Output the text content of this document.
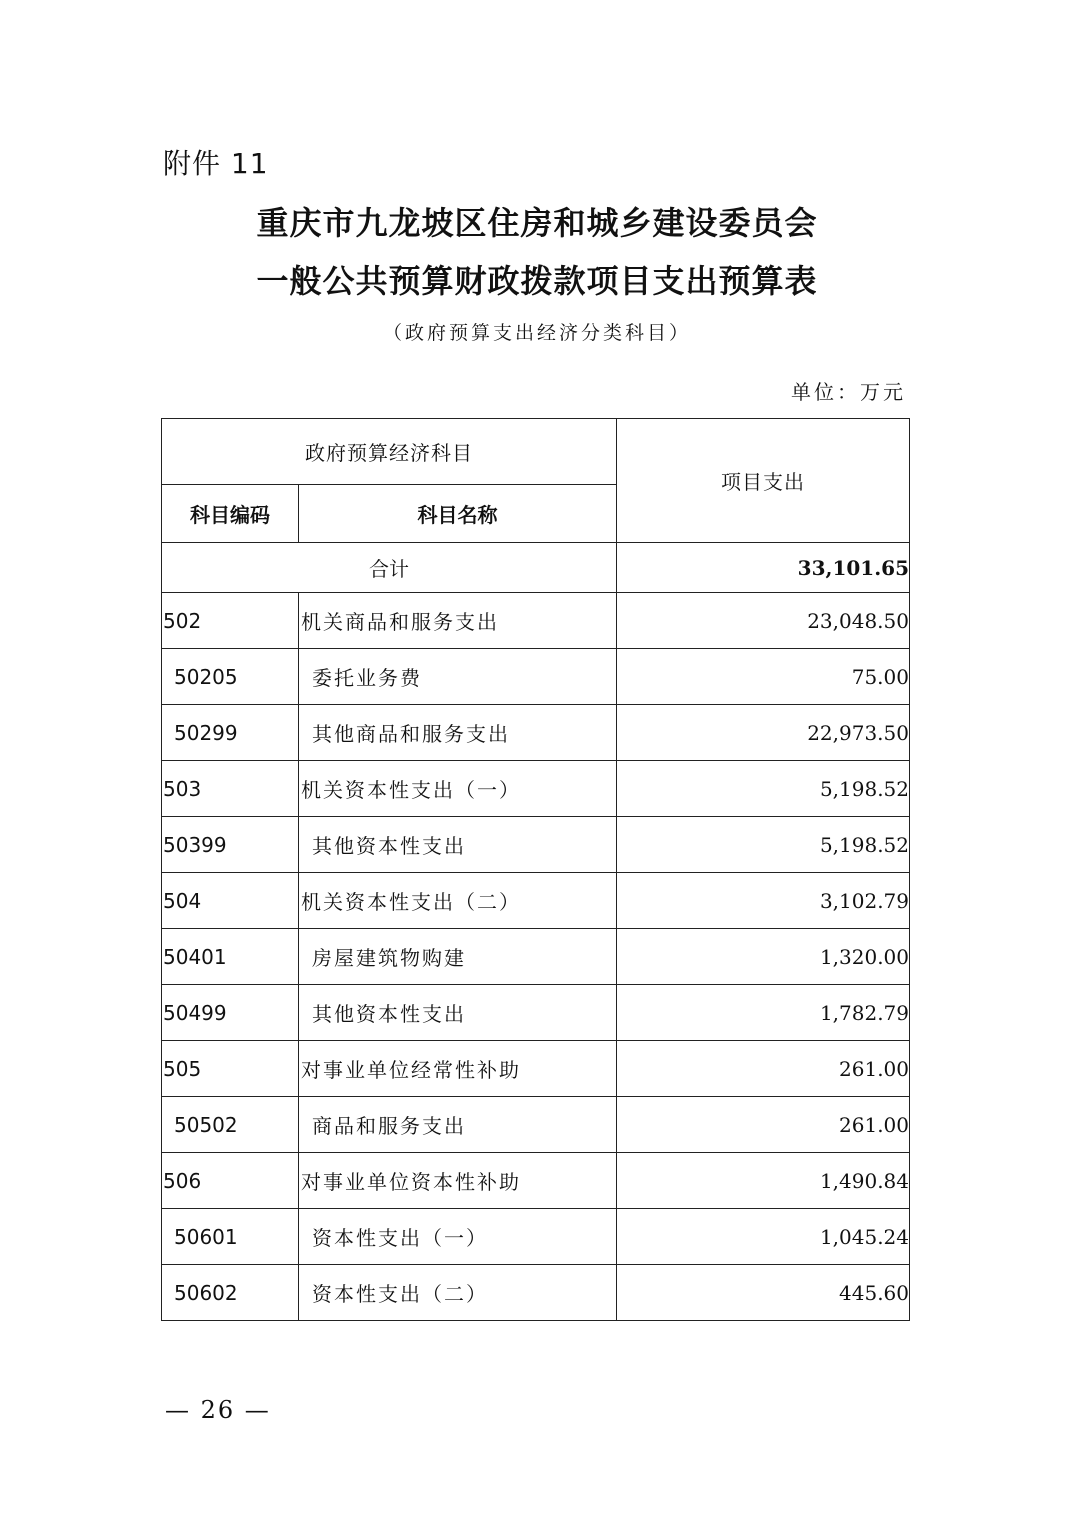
附件 11
重庆市九龙坡区住房和城乡建设委员会
一般公共预算财政拨款项目支出预算表
（政府预算支出经济分类科目）
单位：万元
政府预算经济科目		项目支出
科目编码	科目名称	
合计		33,101.65
502	机关商品和服务支出	23,048.50
50205	委托业务费	75.00
50299	其他商品和服务支出	22,973.50
503	机关资本性支出（一）	5,198.52
50399	其他资本性支出	5,198.52
504	机关资本性支出（二）	3,102.79
50401	房屋建筑物购建	1,320.00
50499	其他资本性支出	1,782.79
505	对事业单位经常性补助	261.00
50502	商品和服务支出	261.00
506	对事业单位资本性补助	1,490.84
50601	资本性支出（一）	1,045.24
50602	资本性支出（二）	445.60
— 26 —
